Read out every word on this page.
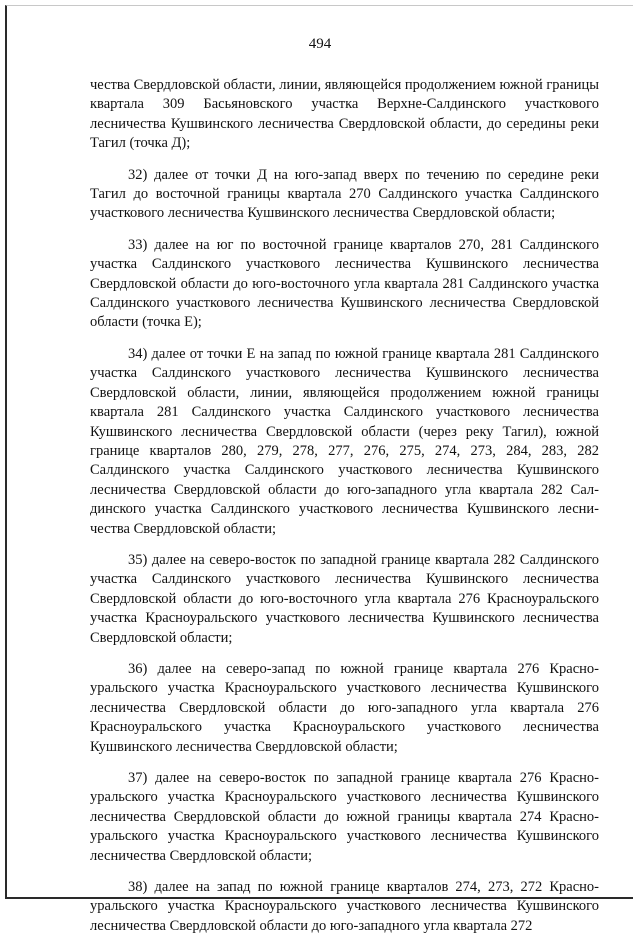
494

чества Свердловской области, линии, являющейся продолжением южной границы квартала 309 Басьяновского участка Верхне-Салдинского участкового лесничества Кушвинского лесничества Свердловской области, до середины реки Тагил (точка Д);

32) далее от точки Д на юго-запад вверх по течению по середине реки Тагил до восточной границы квартала 270 Салдинского участка Салдинского участкового лесничества Кушвинского лесничества Свердловской области;

33) далее на юг по восточной границе кварталов 270, 281 Салдинского участка Салдинского участкового лесничества Кушвинского лесничества Свердловской области до юго-восточного угла квартала 281 Салдинского участка Салдинского участкового лесничества Кушвинского лесничества Свердловской области (точка Е);

34) далее от точки Е на запад по южной границе квартала 281 Салдинского участка Салдинского участкового лесничества Кушвинского лесничества Свердловской области, линии, являющейся продолжением южной границы квартала 281 Салдинского участка Салдинского участкового лесничества Кушвинского лесничества Свердловской области (через реку Тагил), южной границе кварталов 280, 279, 278, 277, 276, 275, 274, 273, 284, 283, 282 Салдинского участка Салдинского участкового лесничества Кушвинского лесничества Свердловской области до юго-западного угла квартала 282 Салдинского участка Салдинского участкового лесничества Кушвинского лесничества Свердловской области;

35) далее на северо-восток по западной границе квартала 282 Салдинского участка Салдинского участкового лесничества Кушвинского лесничества Свердловской области до юго-восточного угла квартала 276 Красноуральского участка Красноуральского участкового лесничества Кушвинского лесничества Свердловской области;

36) далее на северо-запад по южной границе квартала 276 Красноуральского участка Красноуральского участкового лесничества Кушвинского лесничества Свердловской области до юго-западного угла квартала 276 Красноуральского участка Красноуральского участкового лесничества Кушвинского лесничества Свердловской области;

37) далее на северо-восток по западной границе квартала 276 Красноуральского участка Красноуральского участкового лесничества Кушвинского лесничества Свердловской области до южной границы квартала 274 Красноуральского участка Красноуральского участкового лесничества Кушвинского лесничества Свердловской области;

38) далее на запад по южной границе кварталов 274, 273, 272 Красноуральского участка Красноуральского участкового лесничества Кушвинского лесничества Свердловской области до юго-западного угла квартала 272
